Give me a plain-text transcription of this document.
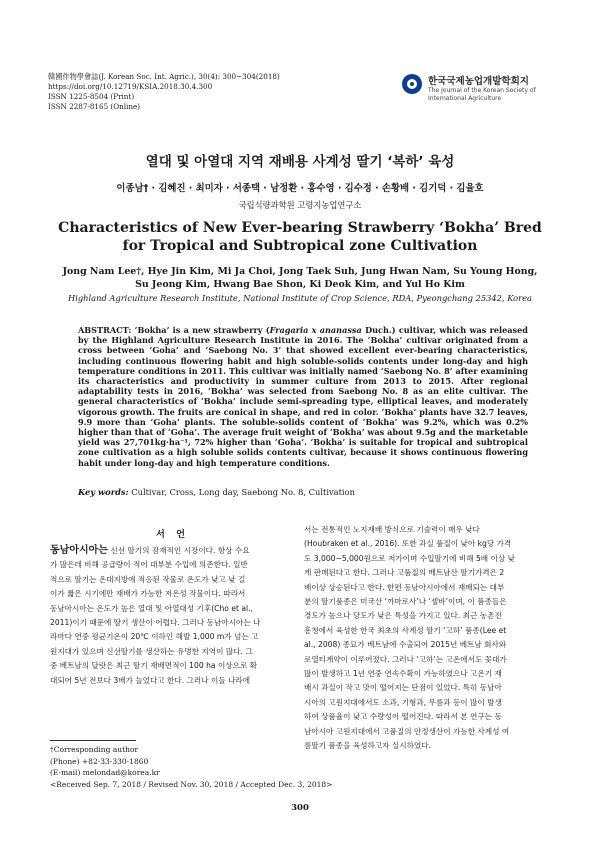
韓國作物學會誌(J. Korean Soc. Int. Agric.), 30(4): 300~304(2018)
https://doi.org/10.12719/KSIA.2018.30.4.300
ISSN 1225-8504 (Print)
ISSN 2287-8165 (Online)
한국국제농업개발학회지
The Journal of the Korean Society of International Agriculture
열대 및 아열대 지역 재배용 사계성 딸기 ‘복하’ 육성
이종남† · 김혜진 · 최미자 · 서종택 · 남정환 · 홍수영 · 김수정 · 손황배 · 김기덕 · 김율호
국립식량과학원 고령지농업연구소
Characteristics of New Ever-bearing Strawberry ‘Bokha’ Bred
for Tropical and Subtropical zone Cultivation
Jong Nam Lee†, Hye Jin Kim, Mi Ja Choi, Jong Taek Suh, Jung Hwan Nam, Su Young Hong,
Su Jeong Kim, Hwang Bae Shon, Ki Deok Kim, and Yul Ho Kim
Highland Agriculture Research Institute, National Institute of Crop Science, RDA, Pyeongchang 25342, Korea
ABSTRACT: ‘Bokha’ is a new strawberry (Fragaria x ananassa Duch.) cultivar, which was released by the Highland Agriculture Research Institute in 2016. The ‘Bokha’ cultivar originated from a cross between ‘Goha’ and ‘Saebong No. 3’ that showed excellent ever-bearing characteristics, including continuous flowering habit and high soluble-solids contents under long-day and high temperature conditions in 2011. This cultivar was initially named ‘Saebong No. 8’ after examining its characteristics and productivity in summer culture from 2013 to 2015. After regional adaptability tests in 2016, ‘Bokha’ was selected from Saebong No. 8 as an elite cultivar. The general characteristics of ‘Bokha’ include semi-spreading type, elliptical leaves, and moderately vigorous growth. The fruits are conical in shape, and red in color. ‘Bokha’ plants have 32.7 leaves, 9.9 more than ‘Goha’ plants. The soluble-solids content of ‘Bokha’ was 9.2%, which was 0.2% higher than that of ‘Goha’. The average fruit weight of ‘Bokha’ was about 9.5g and the marketable yield was 27,701kg·ha⁻¹, 72% higher than ‘Goha’. ‘Bokha’ is suitable for tropical and subtropical zone cultivation as a high soluble solids contents cultivar, because it shows continuous flowering habit under long-day and high temperature conditions.
Key words: Cultivar, Cross, Long day, Saebong No. 8, Cultivation
서 언
동남아시아는 신선 딸기의 잠재적인 시장이다. 항상 수요
가 많은데 비해 공급량이 적어 대부분 수입에 의존한다. 일반
적으로 딸기는 온대지방에 적응된 작물로 온도가 낮고 낮 길
이가 짧은 시기에만 재배가 가능한 저온성 작물이다. 따라서
동남아시아는 온도가 높은 열대 및 아열대성 기후(Cho et al.,
2011)이기 때문에 딸기 생산이 어렵다. 그러나 동남아시아는 나
라마다 연중 평균기온이 20℃ 이하인 해발 1,000 m가 넘는 고
원지대가 있으며 신선딸기를 생산하는 유명한 지역이 많다. 그
중 베트남의 달랏은 최근 딸기 재배면적이 100 ha 이상으로 확
대되어 5년 전보다 3배가 늘었다고 한다. 그러나 이들 나라에
서는 전통적인 노지재배 방식으로 기술력이 매우 낮다
(Houbraken et al., 2016). 또한 과실 품질이 낮아 kg당 가격
도 3,000~5,000원으로 저가이며 수입딸기에 비해 5배 이상 낮
게 판매된다고 한다. 그러나 고품질의 베트남산 딸기가격은 2
배이상 상승된다고 한다. 한편 동남아시아에서 재배되는 대부
분의 딸기품종은 미국산 ‘까마로사’나 ‘셀바’이며, 이 품종들은
경도가 높으나 당도가 낮은 특성을 가지고 있다. 최근 농촌진
흥청에서 육성한 한국 최초의 사계성 딸기 ‘고하’ 품종(Lee et
al., 2008) 종묘가 베트남에 수출되어 2015년 베트남 회사와
로열티계약이 이루어졌다. 그러나 ‘고하’는 고온에서도 꽃대가
많이 발생하고 1년 연중 연속수확이 가능하였으나 고온기 재
배시 과실이 작고 맛이 떨어지는 단점이 있었다. 특히 동남아
시아의 고원지대에서도 소과, 기형과, 무름과 등이 많이 발생
하여 상품율이 낮고 수량성이 떨어진다. 따라서 본 연구는 동
남아시아 고원지대에서 고품질의 안정생산이 가능한 사계성 여
름딸기 품종을 육성하고자 실시하였다.
†Corresponding author
(Phone) +82-33-330-1860
(E-mail) melondad@korea.kr
<Received Sep. 7, 2018 / Revised Nov. 30, 2018 / Accepted Dec. 3, 2018>
300
